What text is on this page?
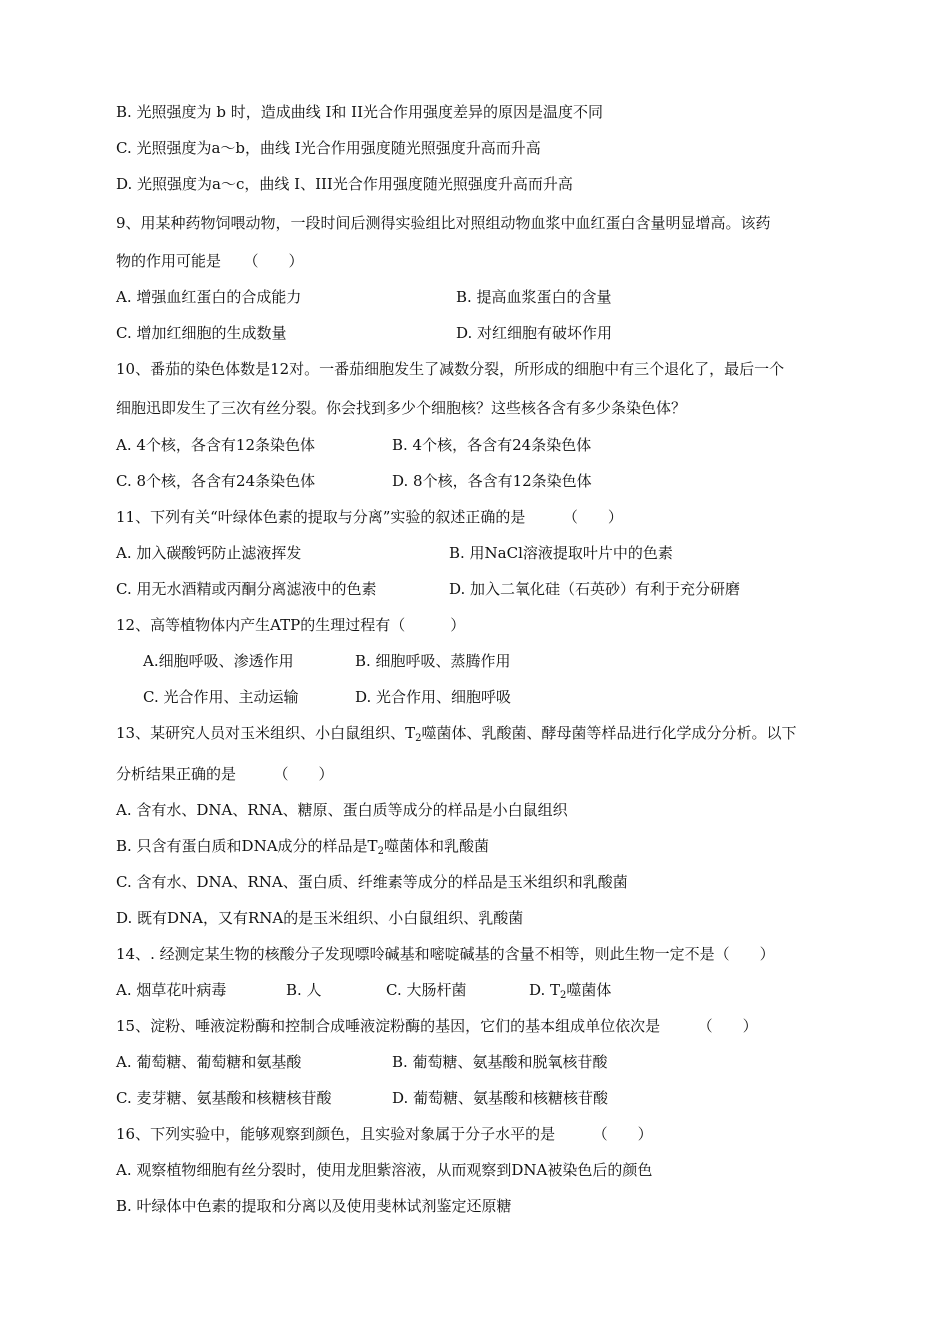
B. 光照强度为 b 时，造成曲线 I和 II光合作用强度差异的原因是温度不同
C. 光照强度为a～b，曲线 I光合作用强度随光照强度升高而升高
D. 光照强度为a～c，曲线 I、III光合作用强度随光照强度升高而升高
9、用某种药物饲喂动物，一段时间后测得实验组比对照组动物血浆中血红蛋白含量明显增高。该药
物的作用可能是　　（　　）
A. 增强血红蛋白的合成能力	B. 提高血浆蛋白的含量
C. 增加红细胞的生成数量	D. 对红细胞有破坏作用
10、番茄的染色体数是12对。一番茄细胞发生了减数分裂，所形成的细胞中有三个退化了，最后一个
细胞迅即发生了三次有丝分裂。你会找到多少个细胞核？这些核各含有多少条染色体？
A. 4个核，各含有12条染色体	B. 4个核，各含有24条染色体
C. 8个核，各含有24条染色体	D. 8个核，各含有12条染色体
11、下列有关“叶绿体色素的提取与分离”实验的叙述正确的是　　　（　　）
A. 加入碳酸钙防止滤液挥发	B. 用NaCl溶液提取叶片中的色素
C. 用无水酒精或丙酮分离滤液中的色素	D. 加入二氧化硅（石英砂）有利于充分研磨
12、高等植物体内产生ATP的生理过程有（　　　）
A.细胞呼吸、渗透作用	B. 细胞呼吸、蒸腾作用
C. 光合作用、主动运输	D. 光合作用、细胞呼吸
13、某研究人员对玉米组织、小白鼠组织、$T_2$噬菌体、乳酸菌、酵母菌等样品进行化学成分分析。以下
分析结果正确的是　　　（　　）
A. 含有水、DNA、RNA、糖原、蛋白质等成分的样品是小白鼠组织
B. 只含有蛋白质和DNA成分的样品是$T_2$噬菌体和乳酸菌
C. 含有水、DNA、RNA、蛋白质、纤维素等成分的样品是玉米组织和乳酸菌
D. 既有DNA，又有RNA的是玉米组织、小白鼠组织、乳酸菌
14、. 经测定某生物的核酸分子发现嘌呤碱基和嘧啶碱基的含量不相等，则此生物一定不是（　　）
A. 烟草花叶病毒	B. 人	C. 大肠杆菌	D. $T_2$噬菌体
15、淀粉、唾液淀粉酶和控制合成唾液淀粉酶的基因，它们的基本组成单位依次是　　　（　　）
A. 葡萄糖、葡萄糖和氨基酸	B. 葡萄糖、氨基酸和脱氧核苷酸
C. 麦芽糖、氨基酸和核糖核苷酸	D. 葡萄糖、氨基酸和核糖核苷酸
16、下列实验中，能够观察到颜色，且实验对象属于分子水平的是　　　（　　）
A. 观察植物细胞有丝分裂时，使用龙胆紫溶液，从而观察到DNA被染色后的颜色
B. 叶绿体中色素的提取和分离以及使用斐林试剂鉴定还原糖
